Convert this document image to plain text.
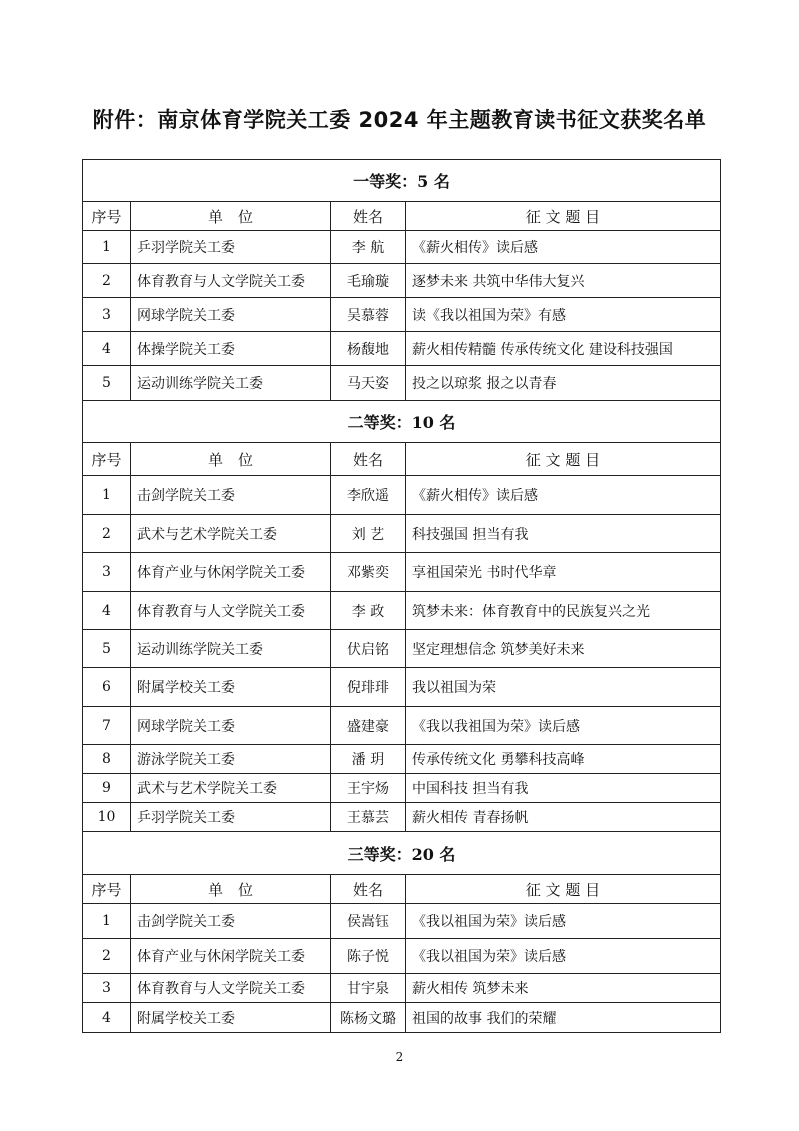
附件：南京体育学院关工委 2024 年主题教育读书征文获奖名单
一等奖：5 名			
序号	单　位	姓名	征 文 题 目
1	乒羽学院关工委	李 航	《薪火相传》读后感
2	体育教育与人文学院关工委	毛瑜璇	逐梦未来 共筑中华伟大复兴
3	网球学院关工委	吴慕蓉	读《我以祖国为荣》有感
4	体操学院关工委	杨馥地	薪火相传精髓 传承传统文化 建设科技强国
5	运动训练学院关工委	马天姿	投之以琼浆 报之以青春
二等奖：10 名			
序号	单　位	姓名	征 文 题 目
1	击剑学院关工委	李欣遥	《薪火相传》读后感
2	武术与艺术学院关工委	刘 艺	科技强国 担当有我
3	体育产业与休闲学院关工委	邓紫奕	享祖国荣光 书时代华章
4	体育教育与人文学院关工委	李 政	筑梦未来：体育教育中的民族复兴之光
5	运动训练学院关工委	伏启铭	坚定理想信念 筑梦美好未来
6	附属学校关工委	倪琲琲	我以祖国为荣
7	网球学院关工委	盛建豪	《我以我祖国为荣》读后感
8	游泳学院关工委	潘 玥	传承传统文化 勇攀科技高峰
9	武术与艺术学院关工委	王宇炀	中国科技 担当有我
10	乒羽学院关工委	王慕芸	薪火相传 青春扬帆
三等奖：20 名			
序号	单　位	姓名	征 文 题 目
1	击剑学院关工委	侯嵩钰	《我以祖国为荣》读后感
2	体育产业与休闲学院关工委	陈子悦	《我以祖国为荣》读后感
3	体育教育与人文学院关工委	甘宇泉	薪火相传 筑梦未来
4	附属学校关工委	陈杨文璐	祖国的故事 我们的荣耀
2
